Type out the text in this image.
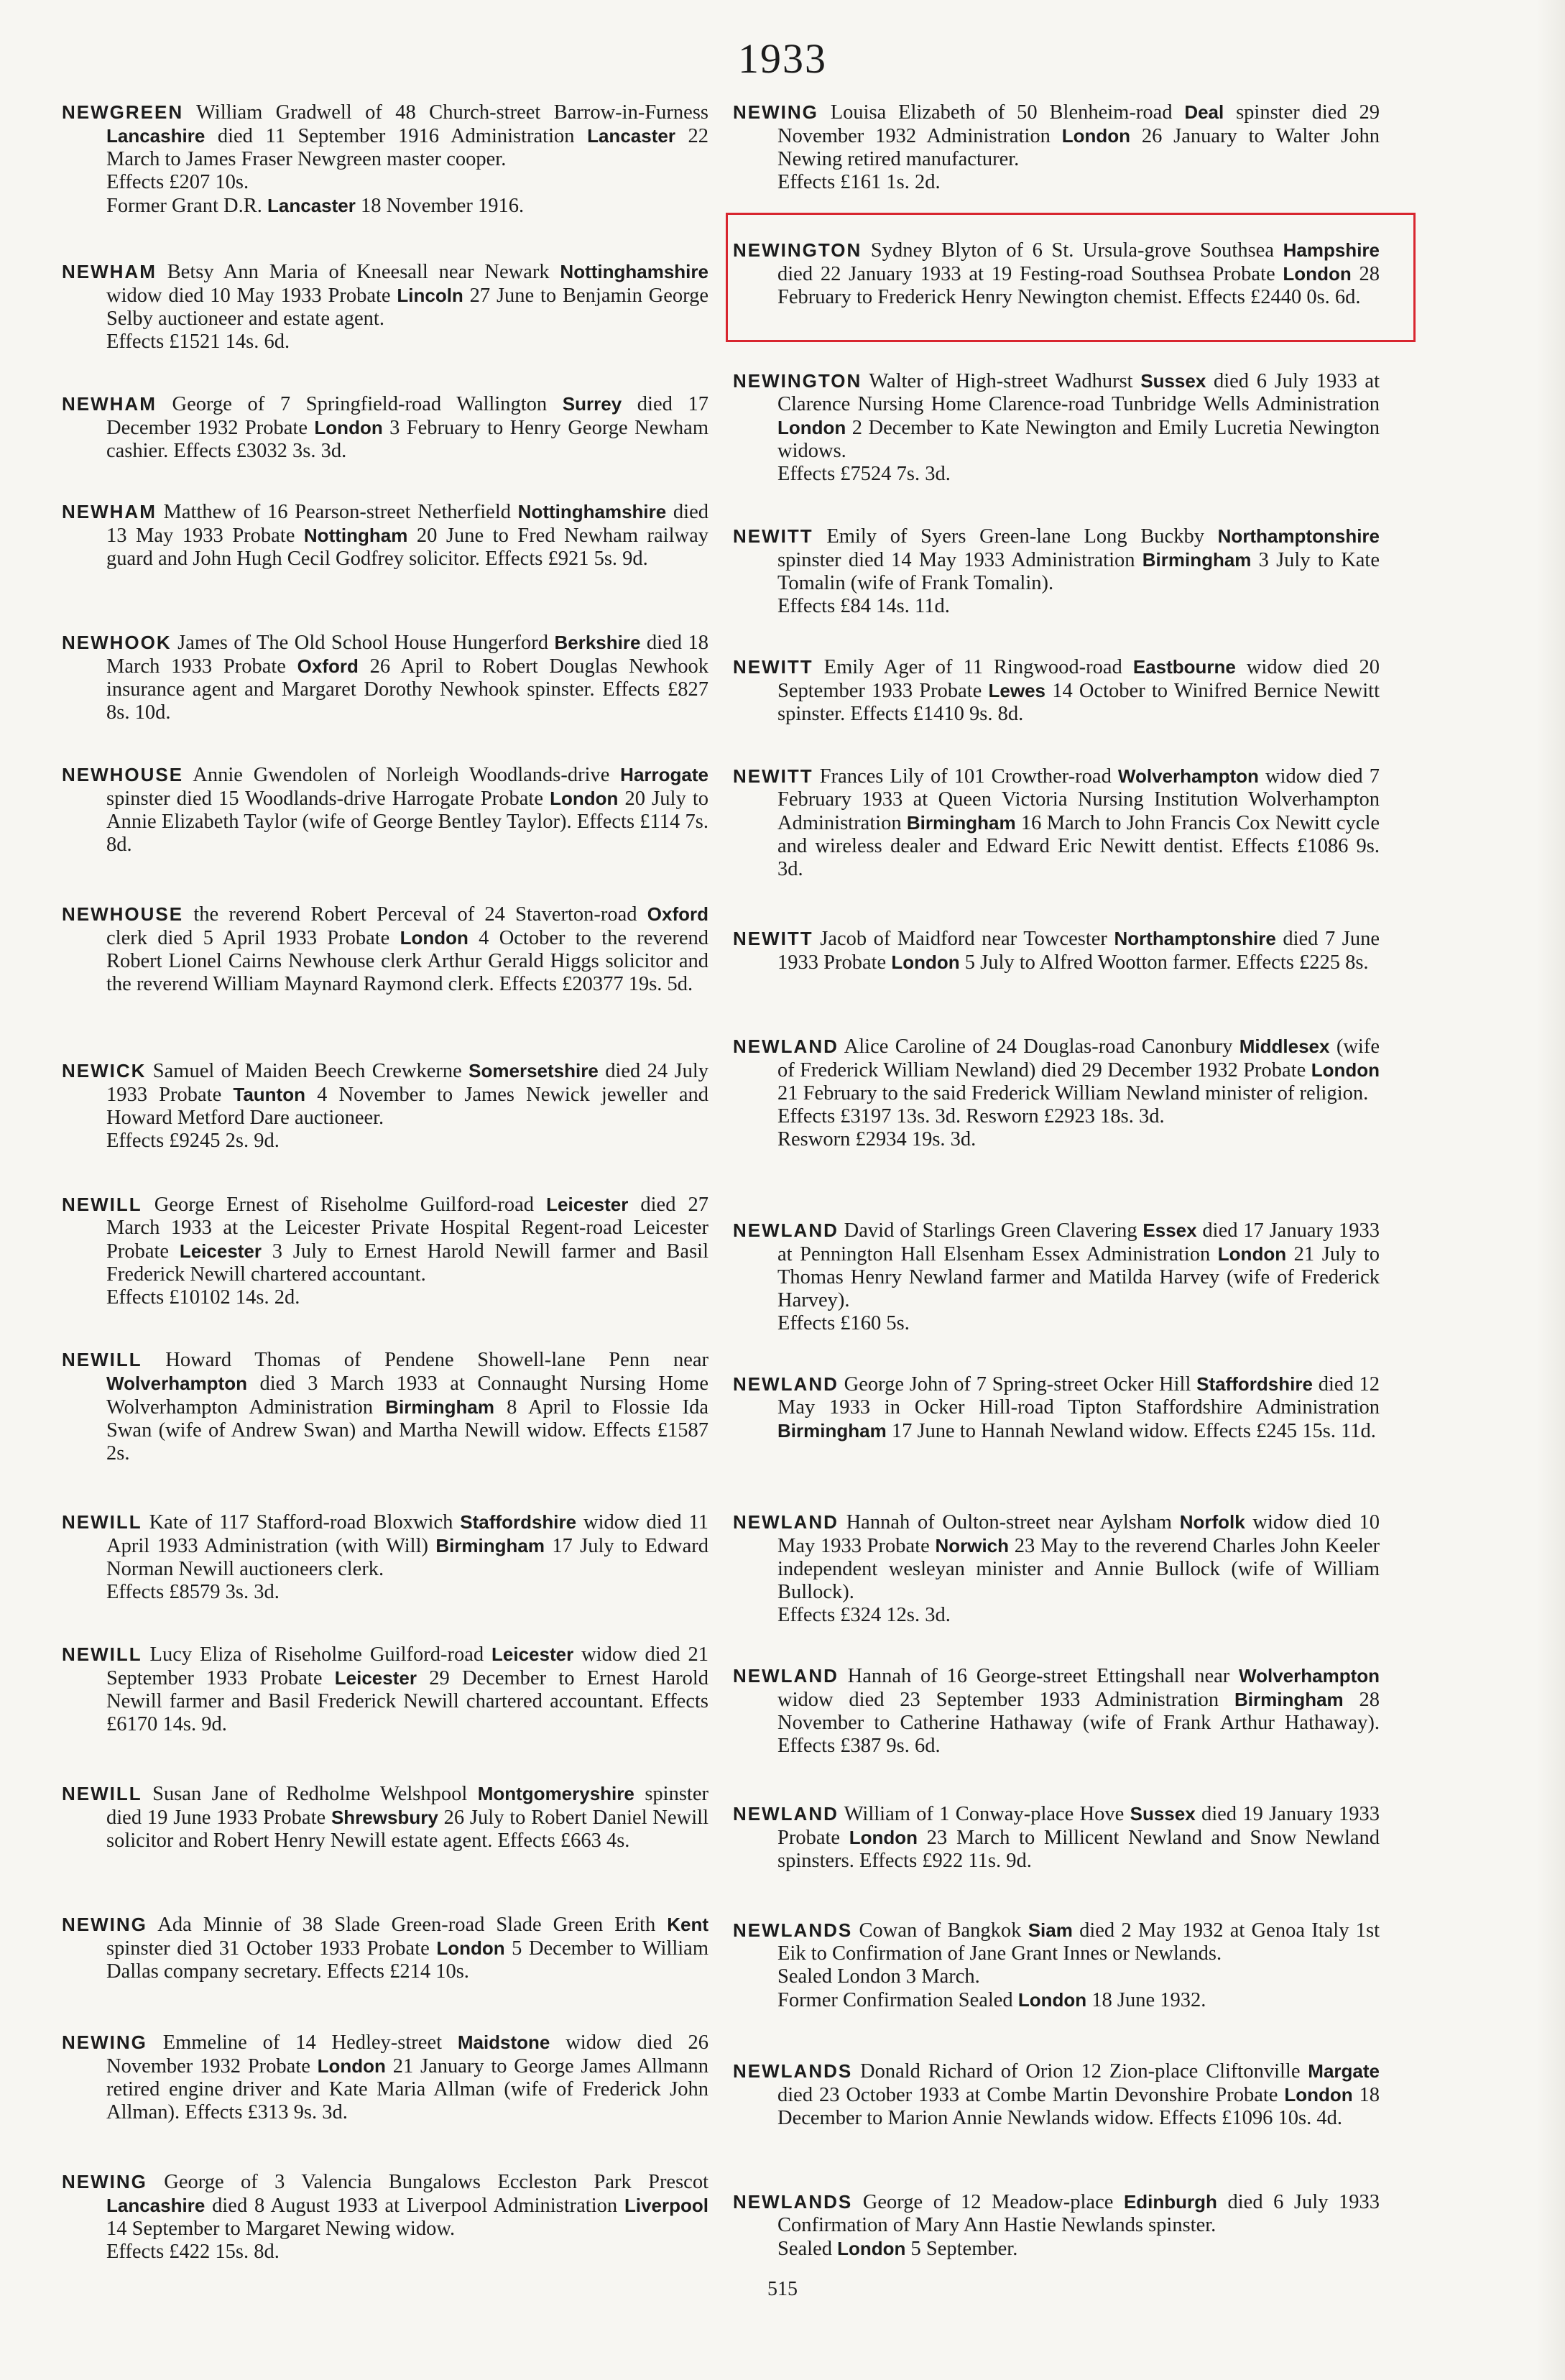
1933

NEWGREEN William Gradwell of 48 Church-street Barrow-in-Furness Lancashire died 11 September 1916 Administration Lancaster 22 March to James Fraser Newgreen master cooper.
Effects £207 10s.
Former Grant D.R. Lancaster 18 November 1916.

NEWHAM Betsy Ann Maria of Kneesall near Newark Nottinghamshire widow died 10 May 1933 Probate Lincoln 27 June to Benjamin George Selby auctioneer and estate agent.
Effects £1521 14s. 6d.

NEWHAM George of 7 Springfield-road Wallington Surrey died 17 December 1932 Probate London 3 February to Henry George Newham cashier. Effects £3032 3s. 3d.

NEWHAM Matthew of 16 Pearson-street Netherfield Nottinghamshire died 13 May 1933 Probate Nottingham 20 June to Fred Newham railway guard and John Hugh Cecil Godfrey solicitor. Effects £921 5s. 9d.

NEWHOOK James of The Old School House Hungerford Berkshire died 18 March 1933 Probate Oxford 26 April to Robert Douglas Newhook insurance agent and Margaret Dorothy Newhook spinster. Effects £827 8s. 10d.

NEWHOUSE Annie Gwendolen of Norleigh Woodlands-drive Harrogate spinster died 15 Woodlands-drive Harrogate Probate London 20 July to Annie Elizabeth Taylor (wife of George Bentley Taylor). Effects £114 7s. 8d.

NEWHOUSE the reverend Robert Perceval of 24 Staverton-road Oxford clerk died 5 April 1933 Probate London 4 October to the reverend Robert Lionel Cairns Newhouse clerk Arthur Gerald Higgs solicitor and the reverend William Maynard Raymond clerk. Effects £20377 19s. 5d.

NEWICK Samuel of Maiden Beech Crewkerne Somersetshire died 24 July 1933 Probate Taunton 4 November to James Newick jeweller and Howard Metford Dare auctioneer.
Effects £9245 2s. 9d.

NEWILL George Ernest of Riseholme Guilford-road Leicester died 27 March 1933 at the Leicester Private Hospital Regent-road Leicester Probate Leicester 3 July to Ernest Harold Newill farmer and Basil Frederick Newill chartered accountant.
Effects £10102 14s. 2d.

NEWILL Howard Thomas of Pendene Showell-lane Penn near Wolverhampton died 3 March 1933 at Connaught Nursing Home Wolverhampton Administration Birmingham 8 April to Flossie Ida Swan (wife of Andrew Swan) and Martha Newill widow. Effects £1587 2s.

NEWILL Kate of 117 Stafford-road Bloxwich Staffordshire widow died 11 April 1933 Administration (with Will) Birmingham 17 July to Edward Norman Newill auctioneers clerk.
Effects £8579 3s. 3d.

NEWILL Lucy Eliza of Riseholme Guilford-road Leicester widow died 21 September 1933 Probate Leicester 29 December to Ernest Harold Newill farmer and Basil Frederick Newill chartered accountant. Effects £6170 14s. 9d.

NEWILL Susan Jane of Redholme Welshpool Montgomeryshire spinster died 19 June 1933 Probate Shrewsbury 26 July to Robert Daniel Newill solicitor and Robert Henry Newill estate agent. Effects £663 4s.

NEWING Ada Minnie of 38 Slade Green-road Slade Green Erith Kent spinster died 31 October 1933 Probate London 5 December to William Dallas company secretary. Effects £214 10s.

NEWING Emmeline of 14 Hedley-street Maidstone widow died 26 November 1932 Probate London 21 January to George James Allmann retired engine driver and Kate Maria Allman (wife of Frederick John Allman). Effects £313 9s. 3d.

NEWING George of 3 Valencia Bungalows Eccleston Park Prescot Lancashire died 8 August 1933 at Liverpool Administration Liverpool 14 September to Margaret Newing widow.
Effects £422 15s. 8d.

NEWING Louisa Elizabeth of 50 Blenheim-road Deal spinster died 29 November 1932 Administration London 26 January to Walter John Newing retired manufacturer.
Effects £161 1s. 2d.

NEWINGTON Sydney Blyton of 6 St. Ursula-grove Southsea Hampshire died 22 January 1933 at 19 Festing-road Southsea Probate London 28 February to Frederick Henry Newington chemist. Effects £2440 0s. 6d.

NEWINGTON Walter of High-street Wadhurst Sussex died 6 July 1933 at Clarence Nursing Home Clarence-road Tunbridge Wells Administration London 2 December to Kate Newington and Emily Lucretia Newington widows.
Effects £7524 7s. 3d.

NEWITT Emily of Syers Green-lane Long Buckby Northamptonshire spinster died 14 May 1933 Administration Birmingham 3 July to Kate Tomalin (wife of Frank Tomalin).
Effects £84 14s. 11d.

NEWITT Emily Ager of 11 Ringwood-road Eastbourne widow died 20 September 1933 Probate Lewes 14 October to Winifred Bernice Newitt spinster. Effects £1410 9s. 8d.

NEWITT Frances Lily of 101 Crowther-road Wolverhampton widow died 7 February 1933 at Queen Victoria Nursing Institution Wolverhampton Administration Birmingham 16 March to John Francis Cox Newitt cycle and wireless dealer and Edward Eric Newitt dentist. Effects £1086 9s. 3d.

NEWITT Jacob of Maidford near Towcester Northamptonshire died 7 June 1933 Probate London 5 July to Alfred Wootton farmer. Effects £225 8s.

NEWLAND Alice Caroline of 24 Douglas-road Canonbury Middlesex (wife of Frederick William Newland) died 29 December 1932 Probate London 21 February to the said Frederick William Newland minister of religion.
Effects £3197 13s. 3d. Resworn £2923 18s. 3d.
Resworn £2934 19s. 3d.

NEWLAND David of Starlings Green Clavering Essex died 17 January 1933 at Pennington Hall Elsenham Essex Administration London 21 July to Thomas Henry Newland farmer and Matilda Harvey (wife of Frederick Harvey).
Effects £160 5s.

NEWLAND George John of 7 Spring-street Ocker Hill Staffordshire died 12 May 1933 in Ocker Hill-road Tipton Staffordshire Administration Birmingham 17 June to Hannah Newland widow. Effects £245 15s. 11d.

NEWLAND Hannah of Oulton-street near Aylsham Norfolk widow died 10 May 1933 Probate Norwich 23 May to the reverend Charles John Keeler independent wesleyan minister and Annie Bullock (wife of William Bullock).
Effects £324 12s. 3d.

NEWLAND Hannah of 16 George-street Ettingshall near Wolverhampton widow died 23 September 1933 Administration Birmingham 28 November to Catherine Hathaway (wife of Frank Arthur Hathaway). Effects £387 9s. 6d.

NEWLAND William of 1 Conway-place Hove Sussex died 19 January 1933 Probate London 23 March to Millicent Newland and Snow Newland spinsters. Effects £922 11s. 9d.

NEWLANDS Cowan of Bangkok Siam died 2 May 1932 at Genoa Italy 1st Eik to Confirmation of Jane Grant Innes or Newlands.
Sealed London 3 March.
Former Confirmation Sealed London 18 June 1932.

NEWLANDS Donald Richard of Orion 12 Zion-place Cliftonville Margate died 23 October 1933 at Combe Martin Devonshire Probate London 18 December to Marion Annie Newlands widow. Effects £1096 10s. 4d.

NEWLANDS George of 12 Meadow-place Edinburgh died 6 July 1933 Confirmation of Mary Ann Hastie Newlands spinster.
Sealed London 5 September.

515
